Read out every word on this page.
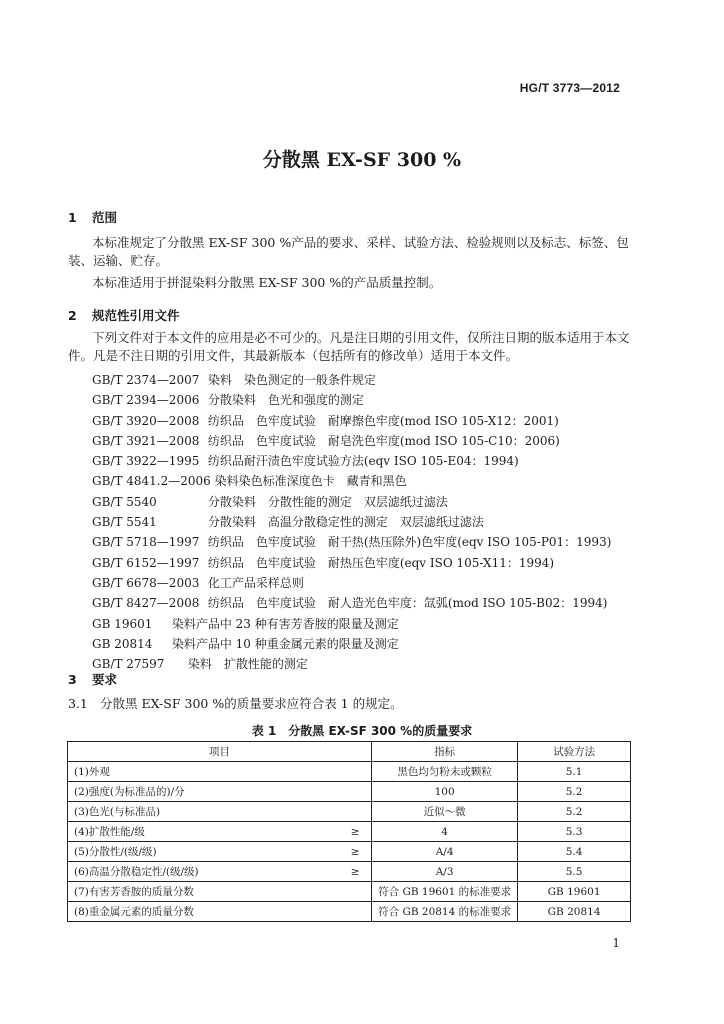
HG/T 3773—2012
分散黑 EX-SF 300 %
1 范围
本标准规定了分散黑 EX-SF 300 %产品的要求、采样、试验方法、检验规则以及标志、标签、包装、运输、贮存。
本标准适用于拼混染料分散黑 EX-SF 300 %的产品质量控制。
2 规范性引用文件
下列文件对于本文件的应用是必不可少的。凡是注日期的引用文件，仅所注日期的版本适用于本文件。凡是不注日期的引用文件，其最新版本（包括所有的修改单）适用于本文件。
GB/T 2374—2007 染料　染色测定的一般条件规定
GB/T 2394—2006 分散染料　色光和强度的测定
GB/T 3920—2008 纺织品　色牢度试验　耐摩擦色牢度(mod ISO 105-X12：2001)
GB/T 3921—2008 纺织品　色牢度试验　耐皂洗色牢度(mod ISO 105-C10：2006)
GB/T 3922—1995 纺织品耐汗渍色牢度试验方法(eqv ISO 105-E04：1994)
GB/T 4841.2—2006 染料染色标准深度色卡　藏青和黑色
GB/T 5540	分散染料　分散性能的测定　双层滤纸过滤法
GB/T 5541	分散染料　高温分散稳定性的测定　双层滤纸过滤法
GB/T 5718—1997 纺织品　色牢度试验　耐干热(热压除外)色牢度(eqv ISO 105-P01：1993)
GB/T 6152—1997 纺织品　色牢度试验　耐热压色牢度(eqv ISO 105-X11：1994)
GB/T 6678—2003 化工产品采样总则
GB/T 8427—2008 纺织品　色牢度试验　耐人造光色牢度：氙弧(mod ISO 105-B02：1994)
GB 19601 染料产品中 23 种有害芳香胺的限量及测定
GB 20814 染料产品中 10 种重金属元素的限量及测定
GB/T 27597 染料　扩散性能的测定
3 要求
3.1 分散黑 EX-SF 300 %的质量要求应符合表 1 的规定。
表 1　分散黑 EX-SF 300 %的质量要求
项目		指标	试验方法
(1)外观		黑色均匀粉末或颗粒	5.1
(2)强度(为标准品的)/分		100	5.2
(3)色光(与标准品)		近似～微	5.2
(4)扩散性能/级	≥	4	5.3
(5)分散性/(级/级)	≥	A/4	5.4
(6)高温分散稳定性/(级/级)	≥	A/3	5.5
(7)有害芳香胺的质量分数		符合 GB 19601 的标准要求	GB 19601
(8)重金属元素的质量分数		符合 GB 20814 的标准要求	GB 20814
1
